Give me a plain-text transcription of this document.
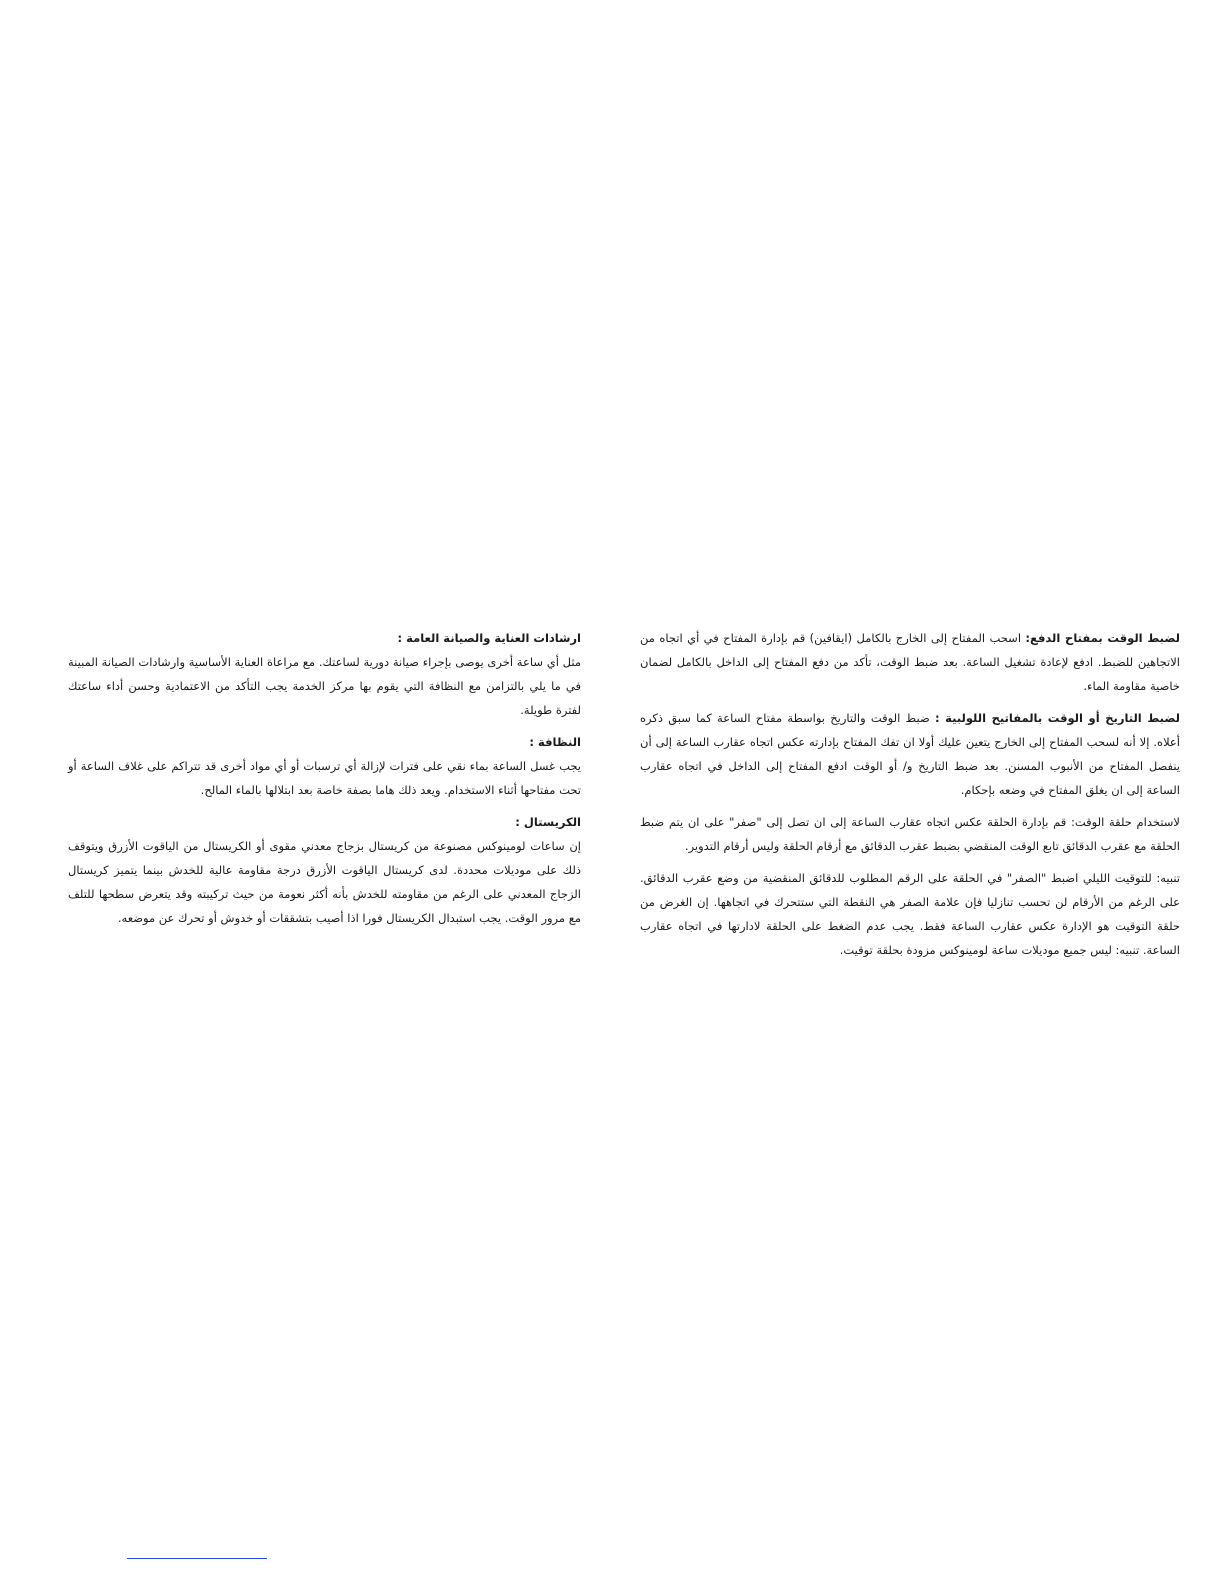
لضبط الوقت بمفتاح الدفع: اسحب المفتاح إلى الخارج بالكامل (ايقافين) قم بإدارة المفتاح في أي اتجاه من الاتجاهين للضبط. ادفع لإعادة تشغيل الساعة. بعد ضبط الوقت، تأكد من دفع المفتاح إلى الداخل بالكامل لضمان خاصية مقاومة الماء.

لضبط التاريخ أو الوقت بالمفاتيح اللولبية : ضبط الوقت والتاريخ بواسطة مفتاح الساعة كما سبق ذكره أعلاه. إلا أنه لسحب المفتاح إلى الخارج يتعين عليك أولا ان تفك المفتاح بإدارته عكس اتجاه عقارب الساعة إلى أن ينفصل المفتاح من الأنبوب المسنن. بعد ضبط التاريخ و/ أو الوقت ادفع المفتاح إلى الداخل في اتجاه عقارب الساعة إلى ان يغلق المفتاح في وضعه بإحكام.

لاستخدام حلقة الوقت: قم بإدارة الحلقة عكس اتجاه عقارب الساعة إلى ان تصل إلى "صفر" على ان يتم ضبط الحلقة مع عقرب الدقائق تابع الوقت المنقضي بضبط عقرب الدقائق مع أرقام الحلقة وليس أرقام التدوير.

تنبيه: للتوقيت الليلي اضبط "الصفر" في الحلقة على الرقم المطلوب للدقائق المنقضية من وضع عقرب الدقائق. على الرغم من الأرقام لن تحسب تنازليا فإن علامة الصفر هي النقطة التي ستتحرك في اتجاهها. إن الغرض من حلقة التوقيت هو الإدارة عكس عقارب الساعة فقط. يجب عدم الضغط على الحلقة لادارتها في اتجاه عقارب الساعة. تنبيه: ليس جميع موديلات ساعة لومينوكس مزودة بحلقة توقيت.

ارشادات العناية والصيانة العامة :

مثل أي ساعة أخرى يوصى بإجراء صيانة دورية لساعتك. مع مراعاة العناية الأساسية وارشادات الصيانة المبينة في ما يلي بالتزامن مع النظافة التي يقوم بها مركز الخدمة يجب التأكد من الاعتمادية وحسن أداء ساعتك لفترة طويلة.

النظافة :

يجب غسل الساعة بماء نقي على فترات لإزالة أي ترسبات أو أي مواد أخرى قد تتراكم على غلاف الساعة أو تحت مفتاحها أثناء الاستخدام. ويعد ذلك هاما بصفة خاصة بعد ابتلالها بالماء المالح.

الكريستال :

إن ساعات لومينوكس مصنوعة من كريستال بزجاج معدني مقوى أو الكريستال من الياقوت الأزرق ويتوقف ذلك على موديلات محددة. لدى كريستال الياقوت الأزرق درجة مقاومة عالية للخدش بينما يتميز كريستال الزجاج المعدني على الرغم من مقاومته للخدش بأنه أكثر نعومة من حيث تركيبته وقد يتعرض سطحها للتلف مع مرور الوقت. يجب استبدال الكريستال فورا اذا أصيب بتشققات أو خدوش أو تحرك عن موضعه.
